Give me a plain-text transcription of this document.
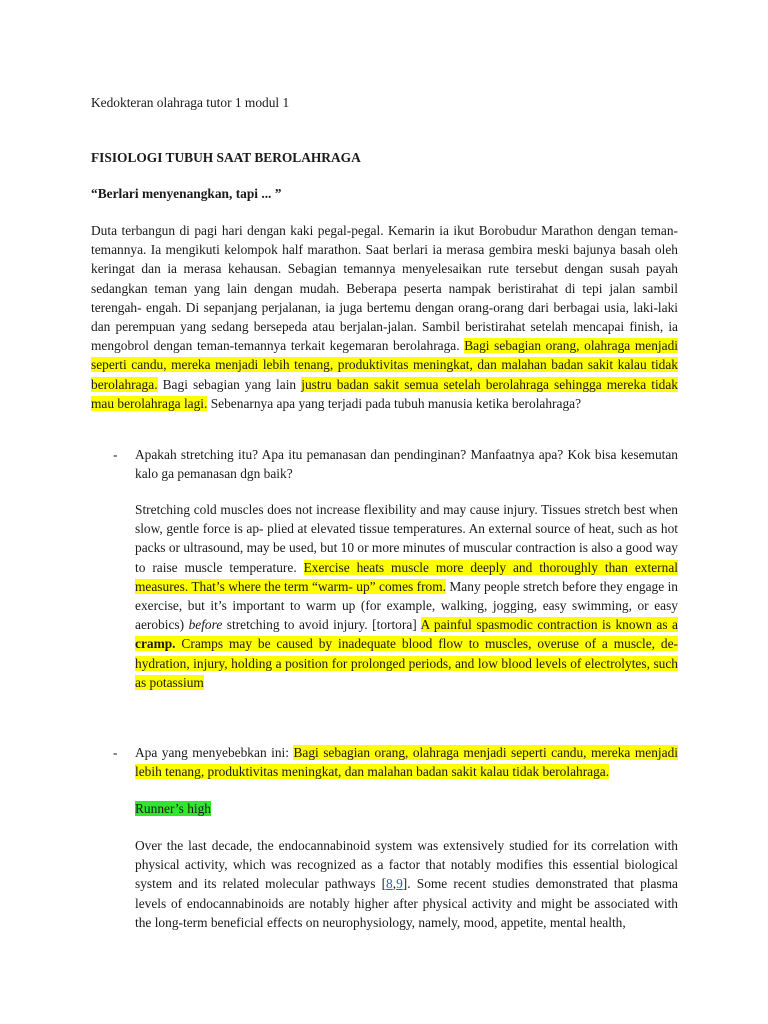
Kedokteran olahraga tutor 1 modul 1

FISIOLOGI TUBUH SAAT BEROLAHRAGA

“Berlari menyenangkan, tapi ... ”

Duta terbangun di pagi hari dengan kaki pegal-pegal. Kemarin ia ikut Borobudur Marathon dengan teman-temannya. Ia mengikuti kelompok half marathon. Saat berlari ia merasa gembira meski bajunya basah oleh keringat dan ia merasa kehausan. Sebagian temannya menyelesaikan rute tersebut dengan susah payah sedangkan teman yang lain dengan mudah. Beberapa peserta nampak beristirahat di tepi jalan sambil terengah- engah. Di sepanjang perjalanan, ia juga bertemu dengan orang-orang dari berbagai usia, laki-laki dan perempuan yang sedang bersepeda atau berjalan-jalan. Sambil beristirahat setelah mencapai finish, ia mengobrol dengan teman-temannya terkait kegemaran berolahraga. Bagi sebagian orang, olahraga menjadi seperti candu, mereka menjadi lebih tenang, produktivitas meningkat, dan malahan badan sakit kalau tidak berolahraga. Bagi sebagian yang lain justru badan sakit semua setelah berolahraga sehingga mereka tidak mau berolahraga lagi. Sebenarnya apa yang terjadi pada tubuh manusia ketika berolahraga?

- Apakah stretching itu? Apa itu pemanasan dan pendinginan? Manfaatnya apa? Kok bisa kesemutan kalo ga pemanasan dgn baik?

Stretching cold muscles does not increase flexibility and may cause injury. Tissues stretch best when slow, gentle force is ap- plied at elevated tissue temperatures. An external source of heat, such as hot packs or ultrasound, may be used, but 10 or more minutes of muscular contraction is also a good way to raise muscle temperature. Exercise heats muscle more deeply and thoroughly than external measures. That’s where the term “warm- up” comes from. Many people stretch before they engage in exercise, but it’s important to warm up (for example, walking, jogging, easy swimming, or easy aerobics) before stretching to avoid injury. [tortora] A painful spasmodic contraction is known as a cramp. Cramps may be caused by inadequate blood flow to muscles, overuse of a muscle, de- hydration, injury, holding a position for prolonged periods, and low blood levels of electrolytes, such as potassium

- Apa yang menyebebkan ini: Bagi sebagian orang, olahraga menjadi seperti candu, mereka menjadi lebih tenang, produktivitas meningkat, dan malahan badan sakit kalau tidak berolahraga.

Runner’s high

Over the last decade, the endocannabinoid system was extensively studied for its correlation with physical activity, which was recognized as a factor that notably modifies this essential biological system and its related molecular pathways [8,9]. Some recent studies demonstrated that plasma levels of endocannabinoids are notably higher after physical activity and might be associated with the long-term beneficial effects on neurophysiology, namely, mood, appetite, mental health,
